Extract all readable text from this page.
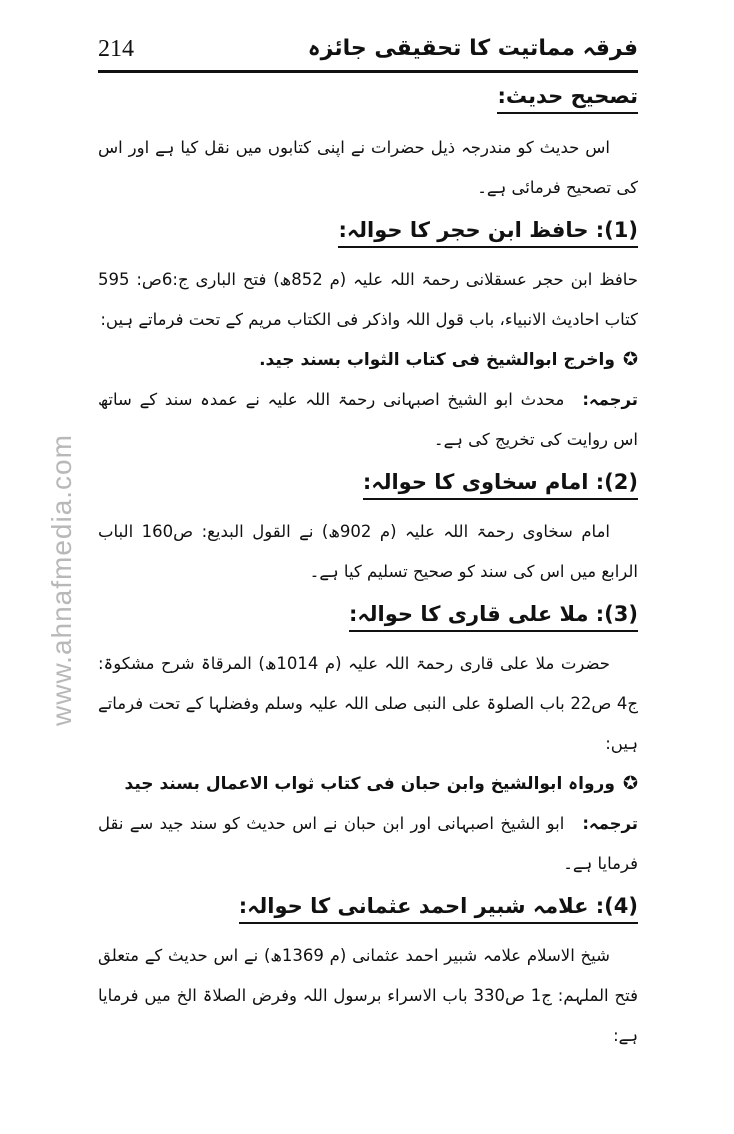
214	فرقہ مماتیت کا تحقیقی جائزہ
www.ahnafmedia.com
تصحیح حدیث:

اس حدیث کو مندرجہ ذیل حضرات نے اپنی کتابوں میں نقل کیا ہے اور اس کی تصحیح فرمائی ہے۔

(1): حافظ ابن حجر کا حوالہ:

حافظ ابن حجر عسقلانی رحمۃ اللہ علیہ (م 852ھ) فتح الباری ج:6ص: 595 کتاب احادیث الانبیاء، باب قول اللہ واذکر فی الکتاب مریم کے تحت فرماتے ہیں:

✪واخرج ابوالشیخ فی کتاب الثواب بسند جید.

ترجمہ:محدث ابو الشیخ اصبہانی رحمۃ اللہ علیہ نے عمدہ سند کے ساتھ اس روایت کی تخریج کی ہے۔

(2): امام سخاوی کا حوالہ:

امام سخاوی رحمۃ اللہ علیہ (م 902ھ) نے القول البدیع: ص160 الباب الرابع میں اس کی سند کو صحیح تسلیم کیا ہے۔

(3): ملا علی قاری کا حوالہ:

حضرت ملا علی قاری رحمۃ اللہ علیہ (م 1014ھ) المرقاۃ شرح مشکوۃ: ج4 ص22 باب الصلوۃ علی النبی صلی اللہ علیہ وسلم وفضلہا کے تحت فرماتے ہیں:

✪ورواہ ابوالشیخ وابن حبان فی کتاب ثواب الاعمال بسند جید

ترجمہ:ابو الشیخ اصبہانی اور ابن حبان نے اس حدیث کو سند جید سے نقل فرمایا ہے۔

(4): علامہ شبیر احمد عثمانی کا حوالہ:

شیخ الاسلام علامہ شبیر احمد عثمانی (م 1369ھ) نے اس حدیث کے متعلق فتح الملہم: ج1 ص330 باب الاسراء برسول اللہ وفرض الصلاۃ الخ میں فرمایا ہے:
